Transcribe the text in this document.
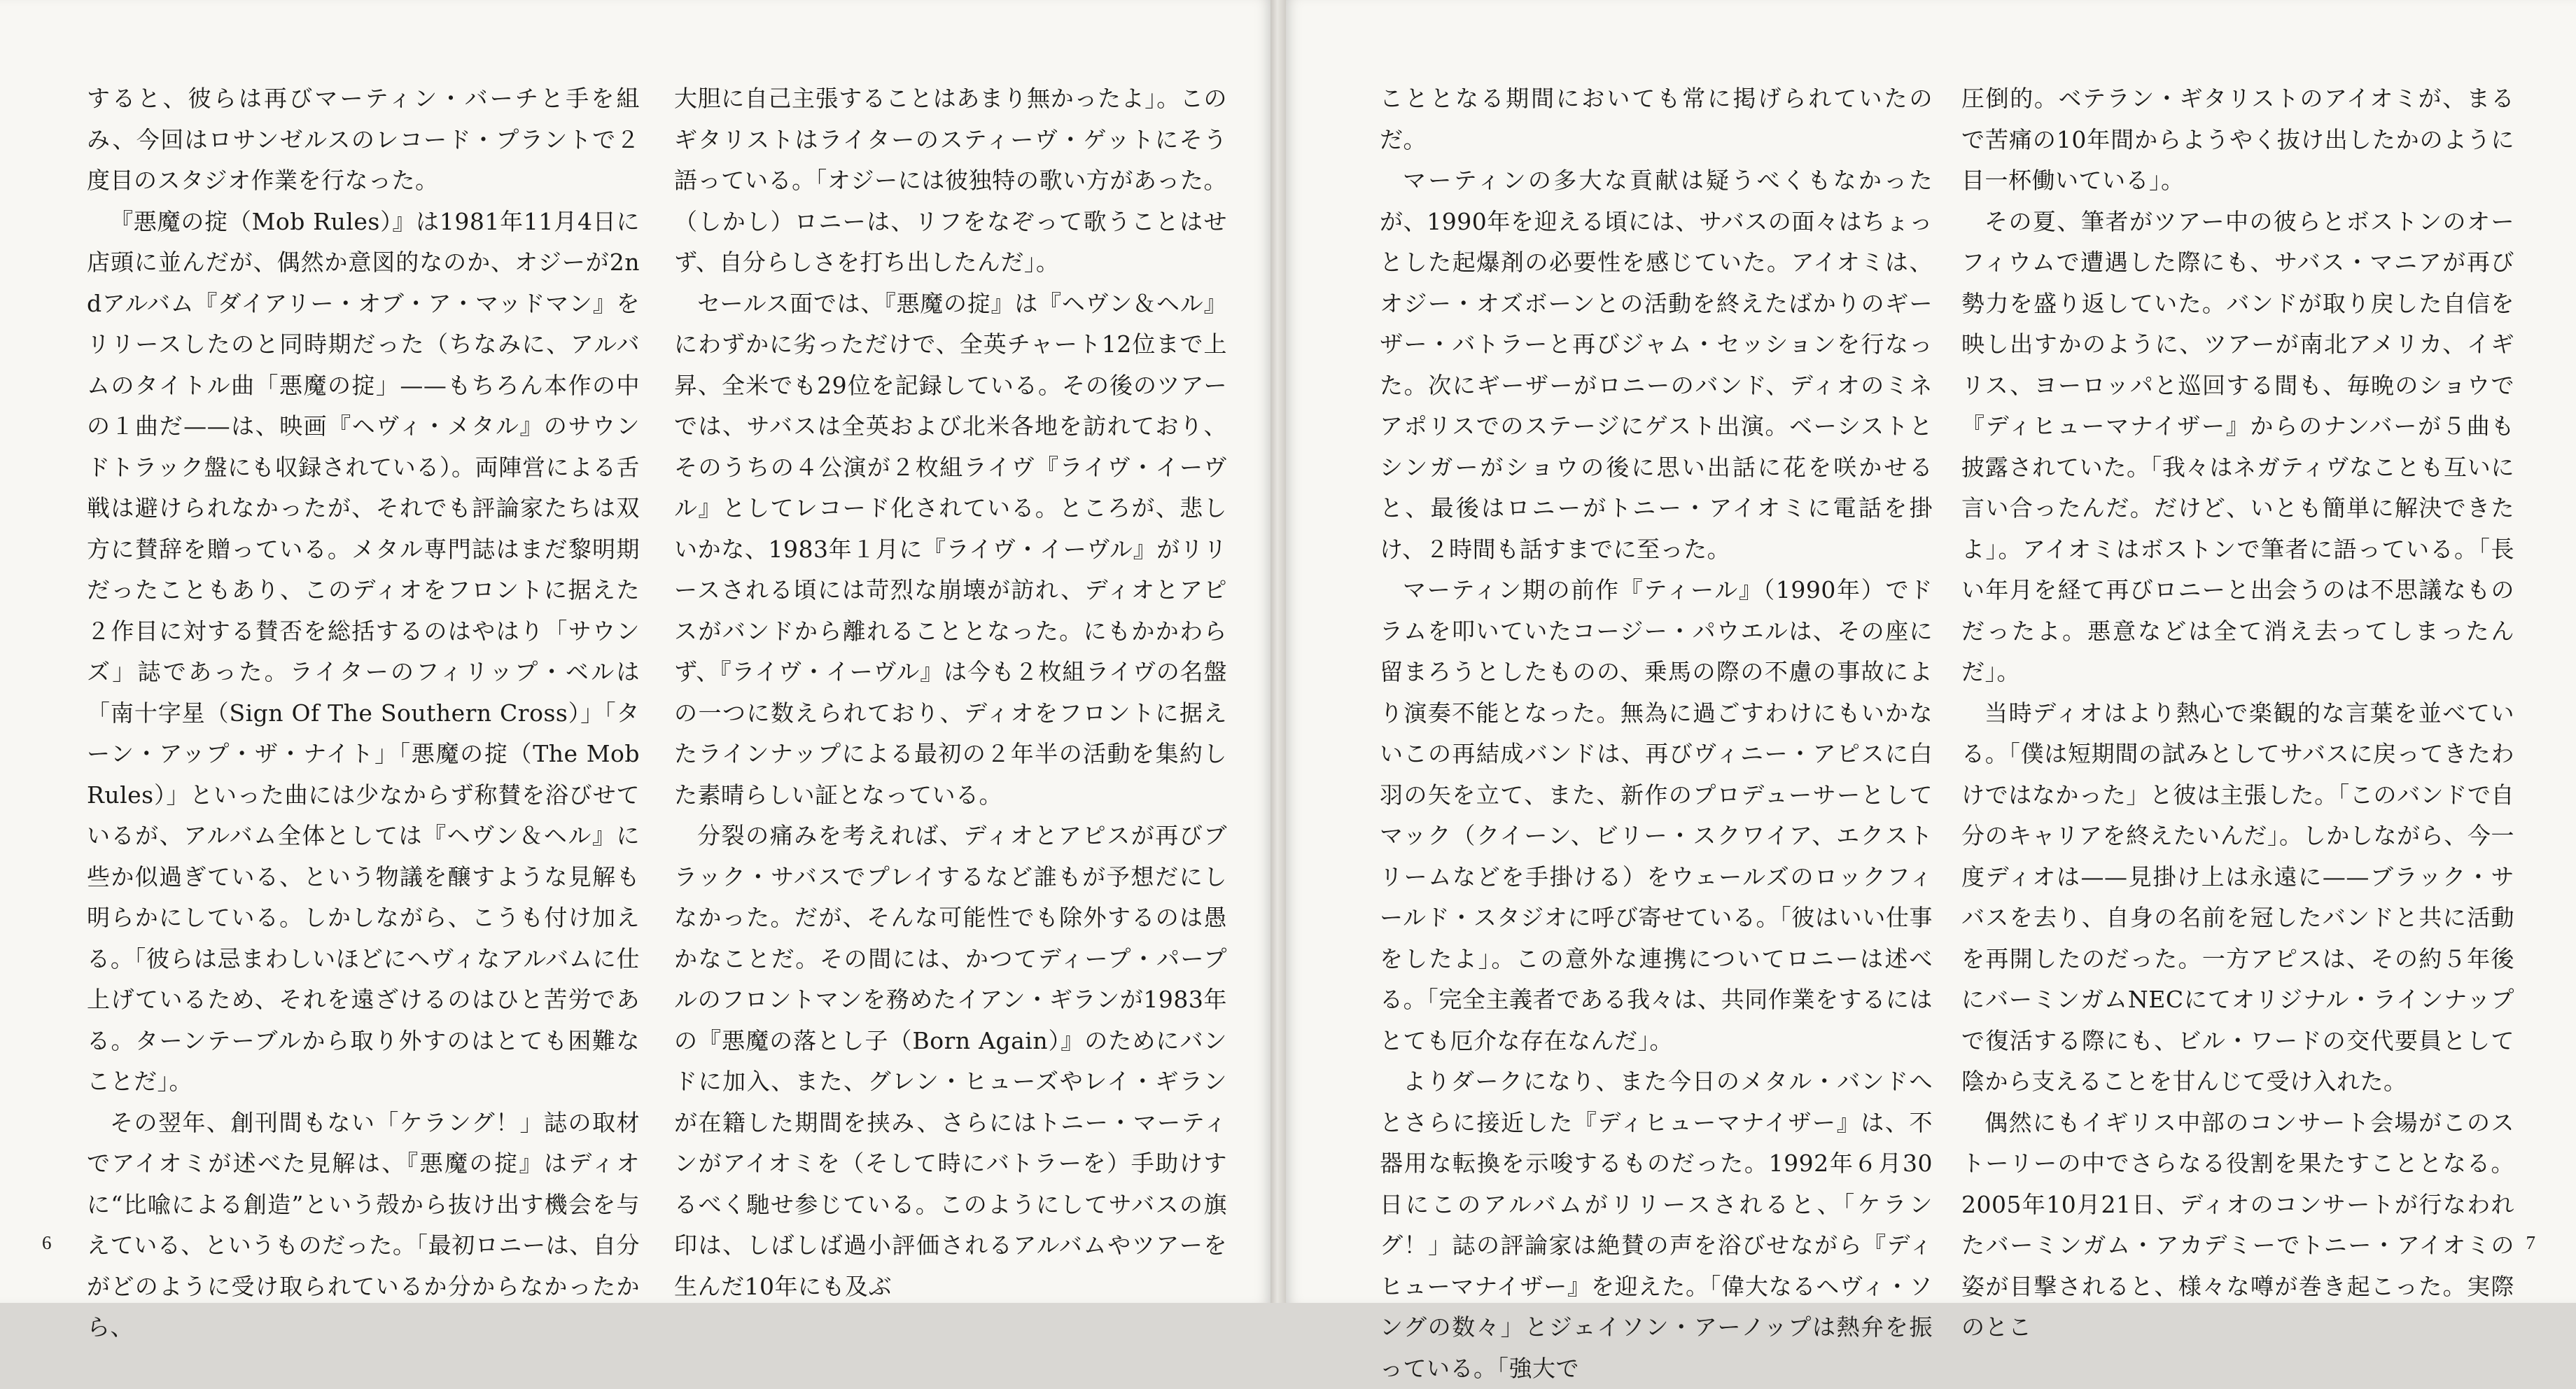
すると、彼らは再びマーティン・バーチと手を組み、今回はロサンゼルスのレコード・プラントで２度目のスタジオ作業を行なった。

『悪魔の掟（Mob Rules）』は1981年11月4日に店頭に並んだが、偶然か意図的なのか、オジーが2ndアルバム『ダイアリー・オブ・ア・マッドマン』をリリースしたのと同時期だった（ちなみに、アルバムのタイトル曲「悪魔の掟」——もちろん本作の中の１曲だ——は、映画『ヘヴィ・メタル』のサウンドトラック盤にも収録されている）。両陣営による舌戦は避けられなかったが、それでも評論家たちは双方に賛辞を贈っている。メタル専門誌はまだ黎明期だったこともあり、このディオをフロントに据えた２作目に対する賛否を総括するのはやはり「サウンズ」誌であった。ライターのフィリップ・ベルは「南十字星（Sign Of The Southern Cross）」「ターン・アップ・ザ・ナイト」「悪魔の掟（The Mob Rules）」といった曲には少なからず称賛を浴びせているが、アルバム全体としては『ヘヴン＆ヘル』に些か似過ぎている、という物議を醸すような見解も明らかにしている。しかしながら、こうも付け加える。「彼らは忌まわしいほどにヘヴィなアルバムに仕上げているため、それを遠ざけるのはひと苦労である。ターンテーブルから取り外すのはとても困難なことだ」。

その翌年、創刊間もない「ケラング！」誌の取材でアイオミが述べた見解は、『悪魔の掟』はディオに“比喩による創造”という殻から抜け出す機会を与えている、というものだった。「最初ロニーは、自分がどのように受け取られているか分からなかったから、

大胆に自己主張することはあまり無かったよ」。このギタリストはライターのスティーヴ・ゲットにそう語っている。「オジーには彼独特の歌い方があった。（しかし）ロニーは、リフをなぞって歌うことはせず、自分らしさを打ち出したんだ」。

セールス面では、『悪魔の掟』は『ヘヴン＆ヘル』にわずかに劣っただけで、全英チャート12位まで上昇、全米でも29位を記録している。その後のツアーでは、サバスは全英および北米各地を訪れており、そのうちの４公演が２枚組ライヴ『ライヴ・イーヴル』としてレコード化されている。ところが、悲しいかな、1983年１月に『ライヴ・イーヴル』がリリースされる頃には苛烈な崩壊が訪れ、ディオとアピスがバンドから離れることとなった。にもかかわらず、『ライヴ・イーヴル』は今も２枚組ライヴの名盤の一つに数えられており、ディオをフロントに据えたラインナップによる最初の２年半の活動を集約した素晴らしい証となっている。

分裂の痛みを考えれば、ディオとアピスが再びブラック・サバスでプレイするなど誰もが予想だにしなかった。だが、そんな可能性でも除外するのは愚かなことだ。その間には、かつてディープ・パープルのフロントマンを務めたイアン・ギランが1983年の『悪魔の落とし子（Born Again）』のためにバンドに加入、また、グレン・ヒューズやレイ・ギランが在籍した期間を挟み、さらにはトニー・マーティンがアイオミを（そして時にバトラーを）手助けするべく馳せ参じている。このようにしてサバスの旗印は、しばしば過小評価されるアルバムやツアーを生んだ10年にも及ぶ

6

こととなる期間においても常に掲げられていたのだ。

マーティンの多大な貢献は疑うべくもなかったが、1990年を迎える頃には、サバスの面々はちょっとした起爆剤の必要性を感じていた。アイオミは、オジー・オズボーンとの活動を終えたばかりのギーザー・バトラーと再びジャム・セッションを行なった。次にギーザーがロニーのバンド、ディオのミネアポリスでのステージにゲスト出演。ベーシストとシンガーがショウの後に思い出話に花を咲かせると、最後はロニーがトニー・アイオミに電話を掛け、２時間も話すまでに至った。

マーティン期の前作『ティール』（1990年）でドラムを叩いていたコージー・パウエルは、その座に留まろうとしたものの、乗馬の際の不慮の事故により演奏不能となった。無為に過ごすわけにもいかないこの再結成バンドは、再びヴィニー・アピスに白羽の矢を立て、また、新作のプロデューサーとしてマック（クイーン、ビリー・スクワイア、エクストリームなどを手掛ける）をウェールズのロックフィールド・スタジオに呼び寄せている。「彼はいい仕事をしたよ」。この意外な連携についてロニーは述べる。「完全主義者である我々は、共同作業をするにはとても厄介な存在なんだ」。

よりダークになり、また今日のメタル・バンドへとさらに接近した『ディヒューマナイザー』は、不器用な転換を示唆するものだった。1992年６月30日にこのアルバムがリリースされると、「ケラング！」誌の評論家は絶賛の声を浴びせながら『ディヒューマナイザー』を迎えた。「偉大なるヘヴィ・ソングの数々」とジェイソン・アーノップは熱弁を振っている。「強大で

圧倒的。ベテラン・ギタリストのアイオミが、まるで苦痛の10年間からようやく抜け出したかのように目一杯働いている」。

その夏、筆者がツアー中の彼らとボストンのオーフィウムで遭遇した際にも、サバス・マニアが再び勢力を盛り返していた。バンドが取り戻した自信を映し出すかのように、ツアーが南北アメリカ、イギリス、ヨーロッパと巡回する間も、毎晩のショウで『ディヒューマナイザー』からのナンバーが５曲も披露されていた。「我々はネガティヴなことも互いに言い合ったんだ。だけど、いとも簡単に解決できたよ」。アイオミはボストンで筆者に語っている。「長い年月を経て再びロニーと出会うのは不思議なものだったよ。悪意などは全て消え去ってしまったんだ」。

当時ディオはより熱心で楽観的な言葉を並べている。「僕は短期間の試みとしてサバスに戻ってきたわけではなかった」と彼は主張した。「このバンドで自分のキャリアを終えたいんだ」。しかしながら、今一度ディオは——見掛け上は永遠に——ブラック・サバスを去り、自身の名前を冠したバンドと共に活動を再開したのだった。一方アピスは、その約５年後にバーミンガムNECにてオリジナル・ラインナップで復活する際にも、ビル・ワードの交代要員として陰から支えることを甘んじて受け入れた。

偶然にもイギリス中部のコンサート会場がこのストーリーの中でさらなる役割を果たすこととなる。2005年10月21日、ディオのコンサートが行なわれたバーミンガム・アカデミーでトニー・アイオミの姿が目撃されると、様々な噂が巻き起こった。実際のとこ

7
